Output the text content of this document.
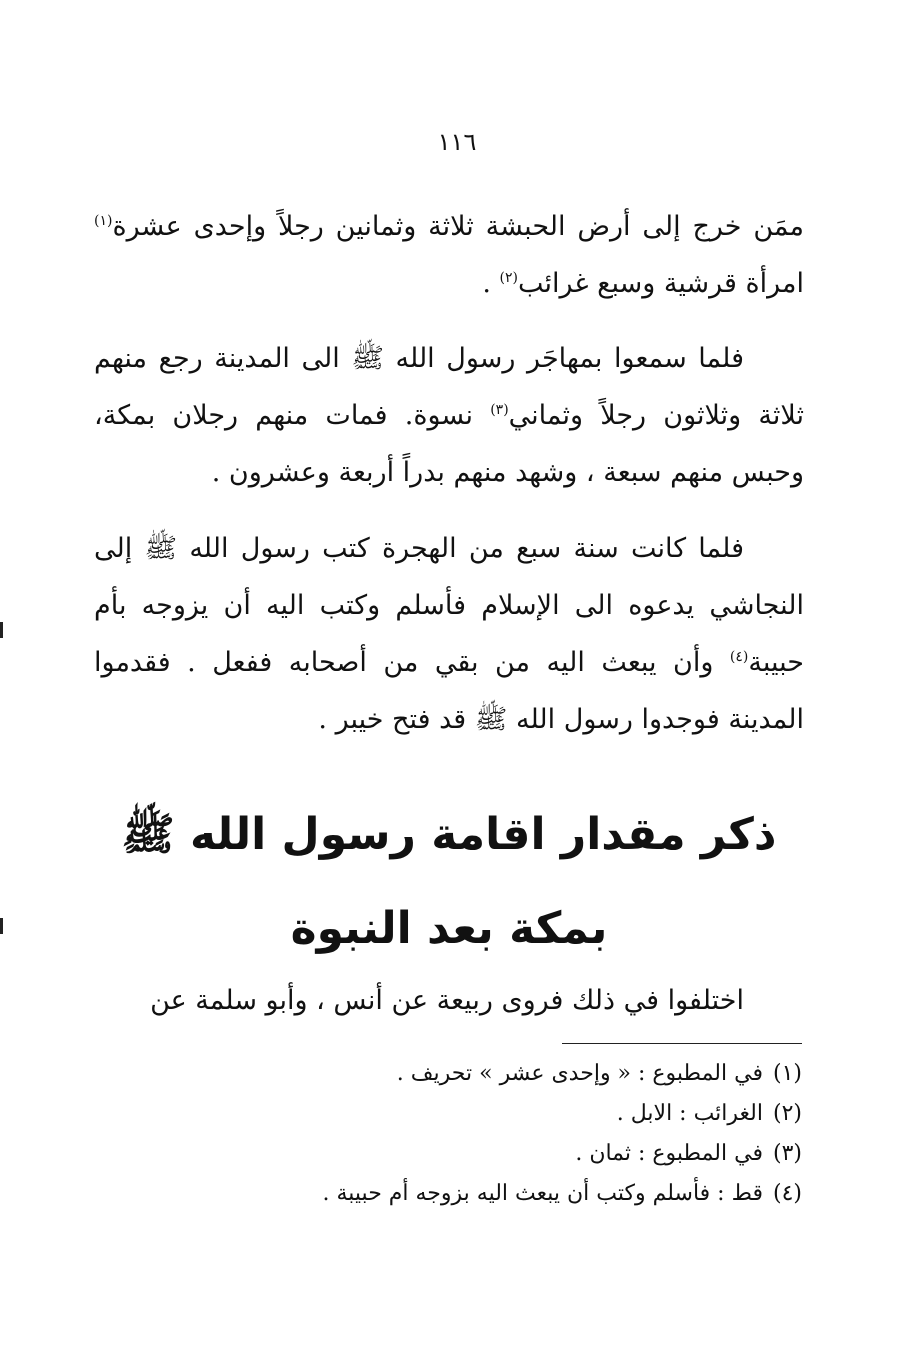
١١٦

ممَن خرج إلى أرض الحبشة ثلاثة وثمانين رجلاً وإحدى عشرة$^{(١)}$ امرأة قرشية وسبع غرائب$^{(٢)}$ .

فلما سمعوا بمهاجَر رسول الله ﷺ الى المدينة رجع منهم ثلاثة وثلاثون رجلاً وثماني$^{(٣)}$ نسوة. فمات منهم رجلان بمكة، وحبس منهم سبعة ، وشهد منهم بدراً أربعة وعشرون .

فلما كانت سنة سبع من الهجرة كتب رسول الله ﷺ إلى النجاشي يدعوه الى الإسلام فأسلم وكتب اليه أن يزوجه بأم حبيبة$^{(٤)}$ وأن يبعث اليه من بقي من أصحابه ففعل . فقدموا المدينة فوجدوا رسول الله ﷺ قد فتح خيبر .

ذكر مقدار اقامة رسول الله ﷺ
بمكة بعد النبوة

اختلفوا في ذلك فروى ربيعة عن أنس ، وأبو سلمة عن

(١)في المطبوع : « وإحدى عشر » تحريف .
(٢)الغرائب : الابل .
(٣)في المطبوع : ثمان .
(٤)قط : فأسلم وكتب أن يبعث اليه بزوجه أم حبيبة .
